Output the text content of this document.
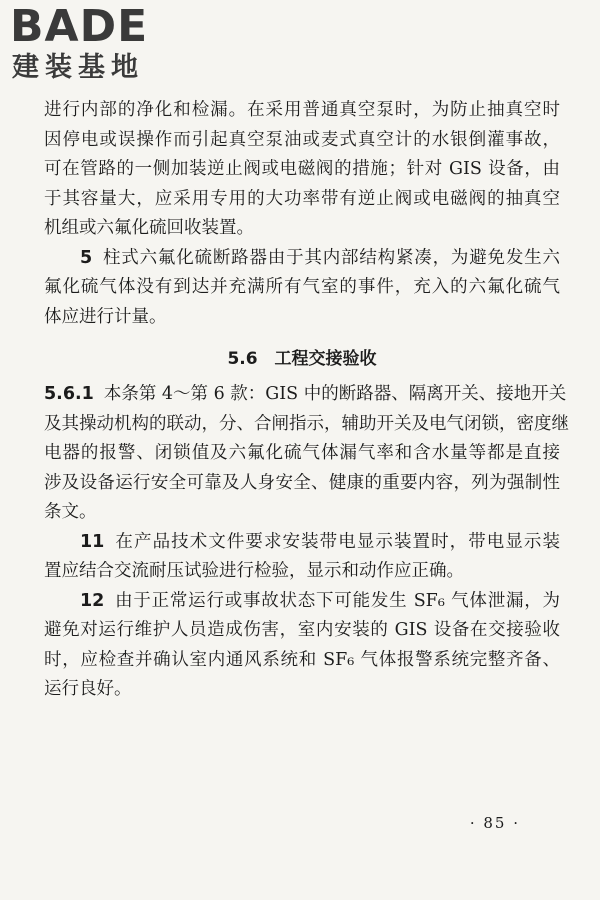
BADE
建装基地
进行内部的净化和检漏。在采用普通真空泵时，为防止抽真空时
因停电或误操作而引起真空泵油或麦式真空计的水银倒灌事故，
可在管路的一侧加装逆止阀或电磁阀的措施；针对 GIS 设备，由
于其容量大，应采用专用的大功率带有逆止阀或电磁阀的抽真空
机组或六氟化硫回收装置。
5 柱式六氟化硫断路器由于其内部结构紧凑，为避免发生六
氟化硫气体没有到达并充满所有气室的事件，充入的六氟化硫气
体应进行计量。
5.6　工程交接验收
5.6.1 本条第 4～第 6 款：GIS 中的断路器、隔离开关、接地开关
及其操动机构的联动，分、合闸指示，辅助开关及电气闭锁，密度继
电器的报警、闭锁值及六氟化硫气体漏气率和含水量等都是直接
涉及设备运行安全可靠及人身安全、健康的重要内容，列为强制性
条文。
11 在产品技术文件要求安装带电显示装置时，带电显示装
置应结合交流耐压试验进行检验，显示和动作应正确。
12 由于正常运行或事故状态下可能发生 SF₆ 气体泄漏，为
避免对运行维护人员造成伤害，室内安装的 GIS 设备在交接验收
时，应检查并确认室内通风系统和 SF₆ 气体报警系统完整齐备、
运行良好。
· 85 ·
